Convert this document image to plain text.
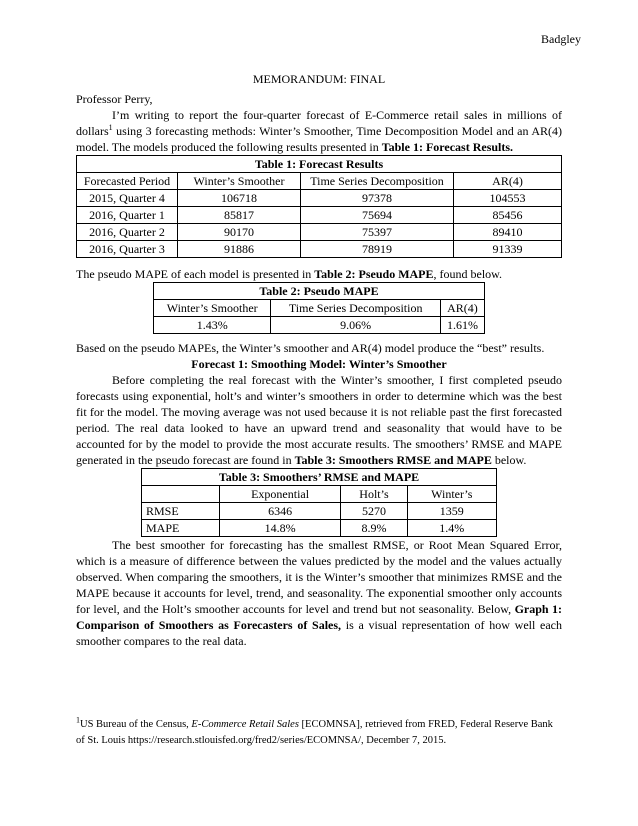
Badgley

MEMORANDUM: FINAL

Professor Perry,

I’m writing to report the four-quarter forecast of E-Commerce retail sales in millions of dollars$^1$ using 3 forecasting methods: Winter’s Smoother, Time Decomposition Model and an AR(4) model. The models produced the following results presented in Table 1: Forecast Results.

Table 1: Forecast Results			
Forecasted Period	Winter’s Smoother	Time Series Decomposition	AR(4)
2015, Quarter 4	106718	97378	104553
2016, Quarter 1	85817	75694	85456
2016, Quarter 2	90170	75397	89410
2016, Quarter 3	91886	78919	91339

The pseudo MAPE of each model is presented in Table 2: Pseudo MAPE, found below.

Table 2: Pseudo MAPE		
Winter’s Smoother	Time Series Decomposition	AR(4)
1.43%	9.06%	1.61%

Based on the pseudo MAPEs, the Winter’s smoother and AR(4) model produce the “best” results.

Forecast 1: Smoothing Model: Winter’s Smoother

Before completing the real forecast with the Winter’s smoother, I first completed pseudo forecasts using exponential, holt’s and winter’s smoothers in order to determine which was the best fit for the model. The moving average was not used because it is not reliable past the first forecasted period. The real data looked to have an upward trend and seasonality that would have to be accounted for by the model to provide the most accurate results. The smoothers’ RMSE and MAPE generated in the pseudo forecast are found in Table 3: Smoothers RMSE and MAPE below.

Table 3: Smoothers’ RMSE and MAPE			
	Exponential	Holt’s	Winter’s
RMSE	6346	5270	1359
MAPE	14.8%	8.9%	1.4%

The best smoother for forecasting has the smallest RMSE, or Root Mean Squared Error, which is a measure of difference between the values predicted by the model and the values actually observed. When comparing the smoothers, it is the Winter’s smoother that minimizes RMSE and the MAPE because it accounts for level, trend, and seasonality. The exponential smoother only accounts for level, and the Holt’s smoother accounts for level and trend but not seasonality. Below, Graph 1: Comparison of Smoothers as Forecasters of Sales, is a visual representation of how well each smoother compares to the real data.

$^1$US Bureau of the Census, E-Commerce Retail Sales [ECOMNSA], retrieved from FRED, Federal Reserve Bank of St. Louis https://research.stlouisfed.org/fred2/series/ECOMNSA/, December 7, 2015.
